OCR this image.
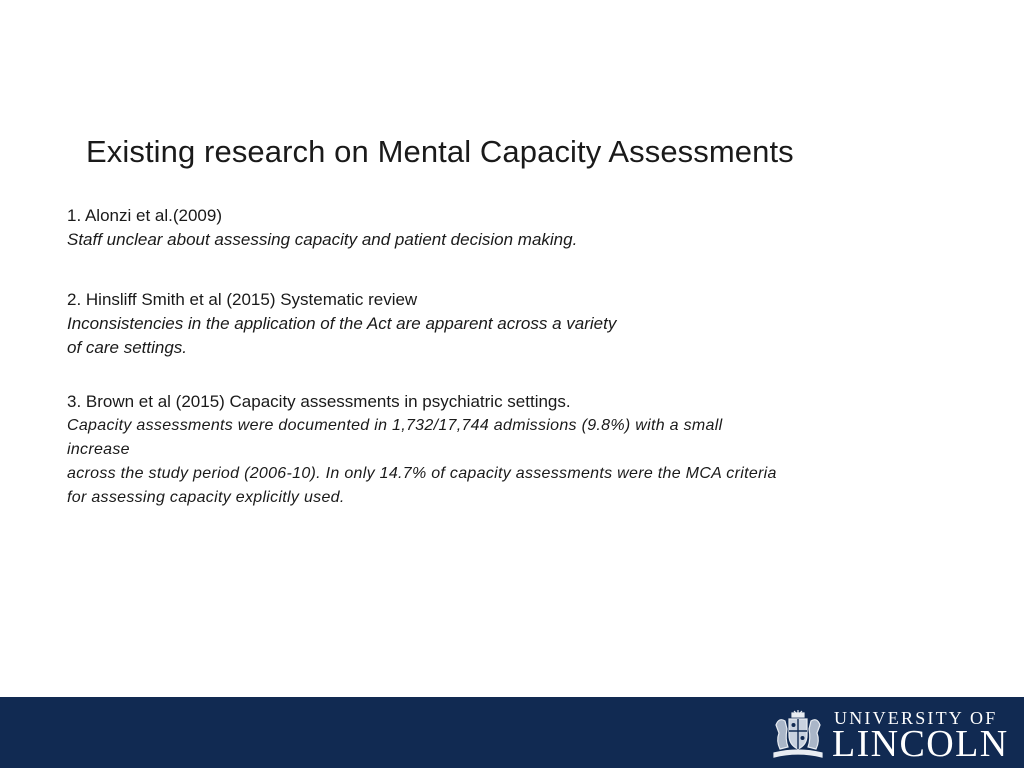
Existing research on Mental Capacity Assessments
1. Alonzi et al.(2009)
Staff unclear about assessing capacity and patient decision making.
2. Hinsliff Smith et al (2015) Systematic review
Inconsistencies in the application of the Act are apparent across a variety
of care settings.
3. Brown et al (2015) Capacity assessments in psychiatric settings.
Capacity assessments were documented in 1,732/17,744 admissions (9.8%) with a small
increase
across the study period (2006-10). In only 14.7% of capacity assessments were the MCA criteria
for assessing capacity explicitly used.
UNIVERSITY OF
LINCOLN
